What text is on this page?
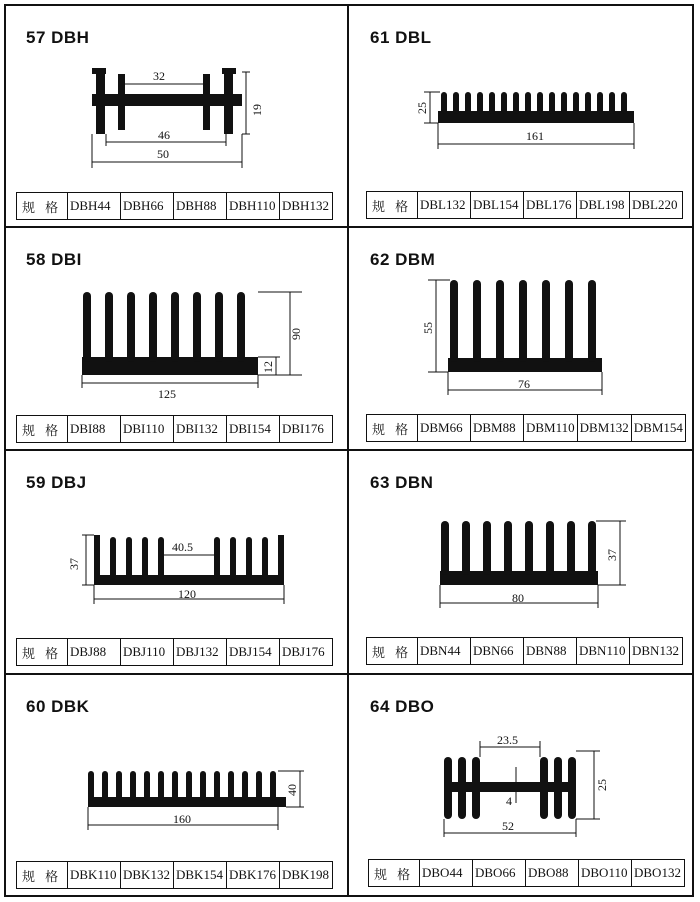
57 DBH
32
46
50
19
规 格	DBH44	DBH66	DBH88	DBH110	DBH132
58 DBI
125
90
12
规 格	DBI88	DBI110	DBI132	DBI154	DBI176
59 DBJ
40.5
120
37
规 格	DBJ88	DBJ110	DBJ132	DBJ154	DBJ176
60 DBK
160
40
规 格	DBK110	DBK132	DBK154	DBK176	DBK198
61 DBL
161
25
规 格	DBL132	DBL154	DBL176	DBL198	DBL220
62 DBM
76
55
规 格	DBM66	DBM88	DBM110	DBM132	DBM154
63 DBN
80
37
规 格	DBN44	DBN66	DBN88	DBN110	DBN132
64 DBO
23.5
52
25
4
规 格	DBO44	DBO66	DBO88	DBO110	DBO132
